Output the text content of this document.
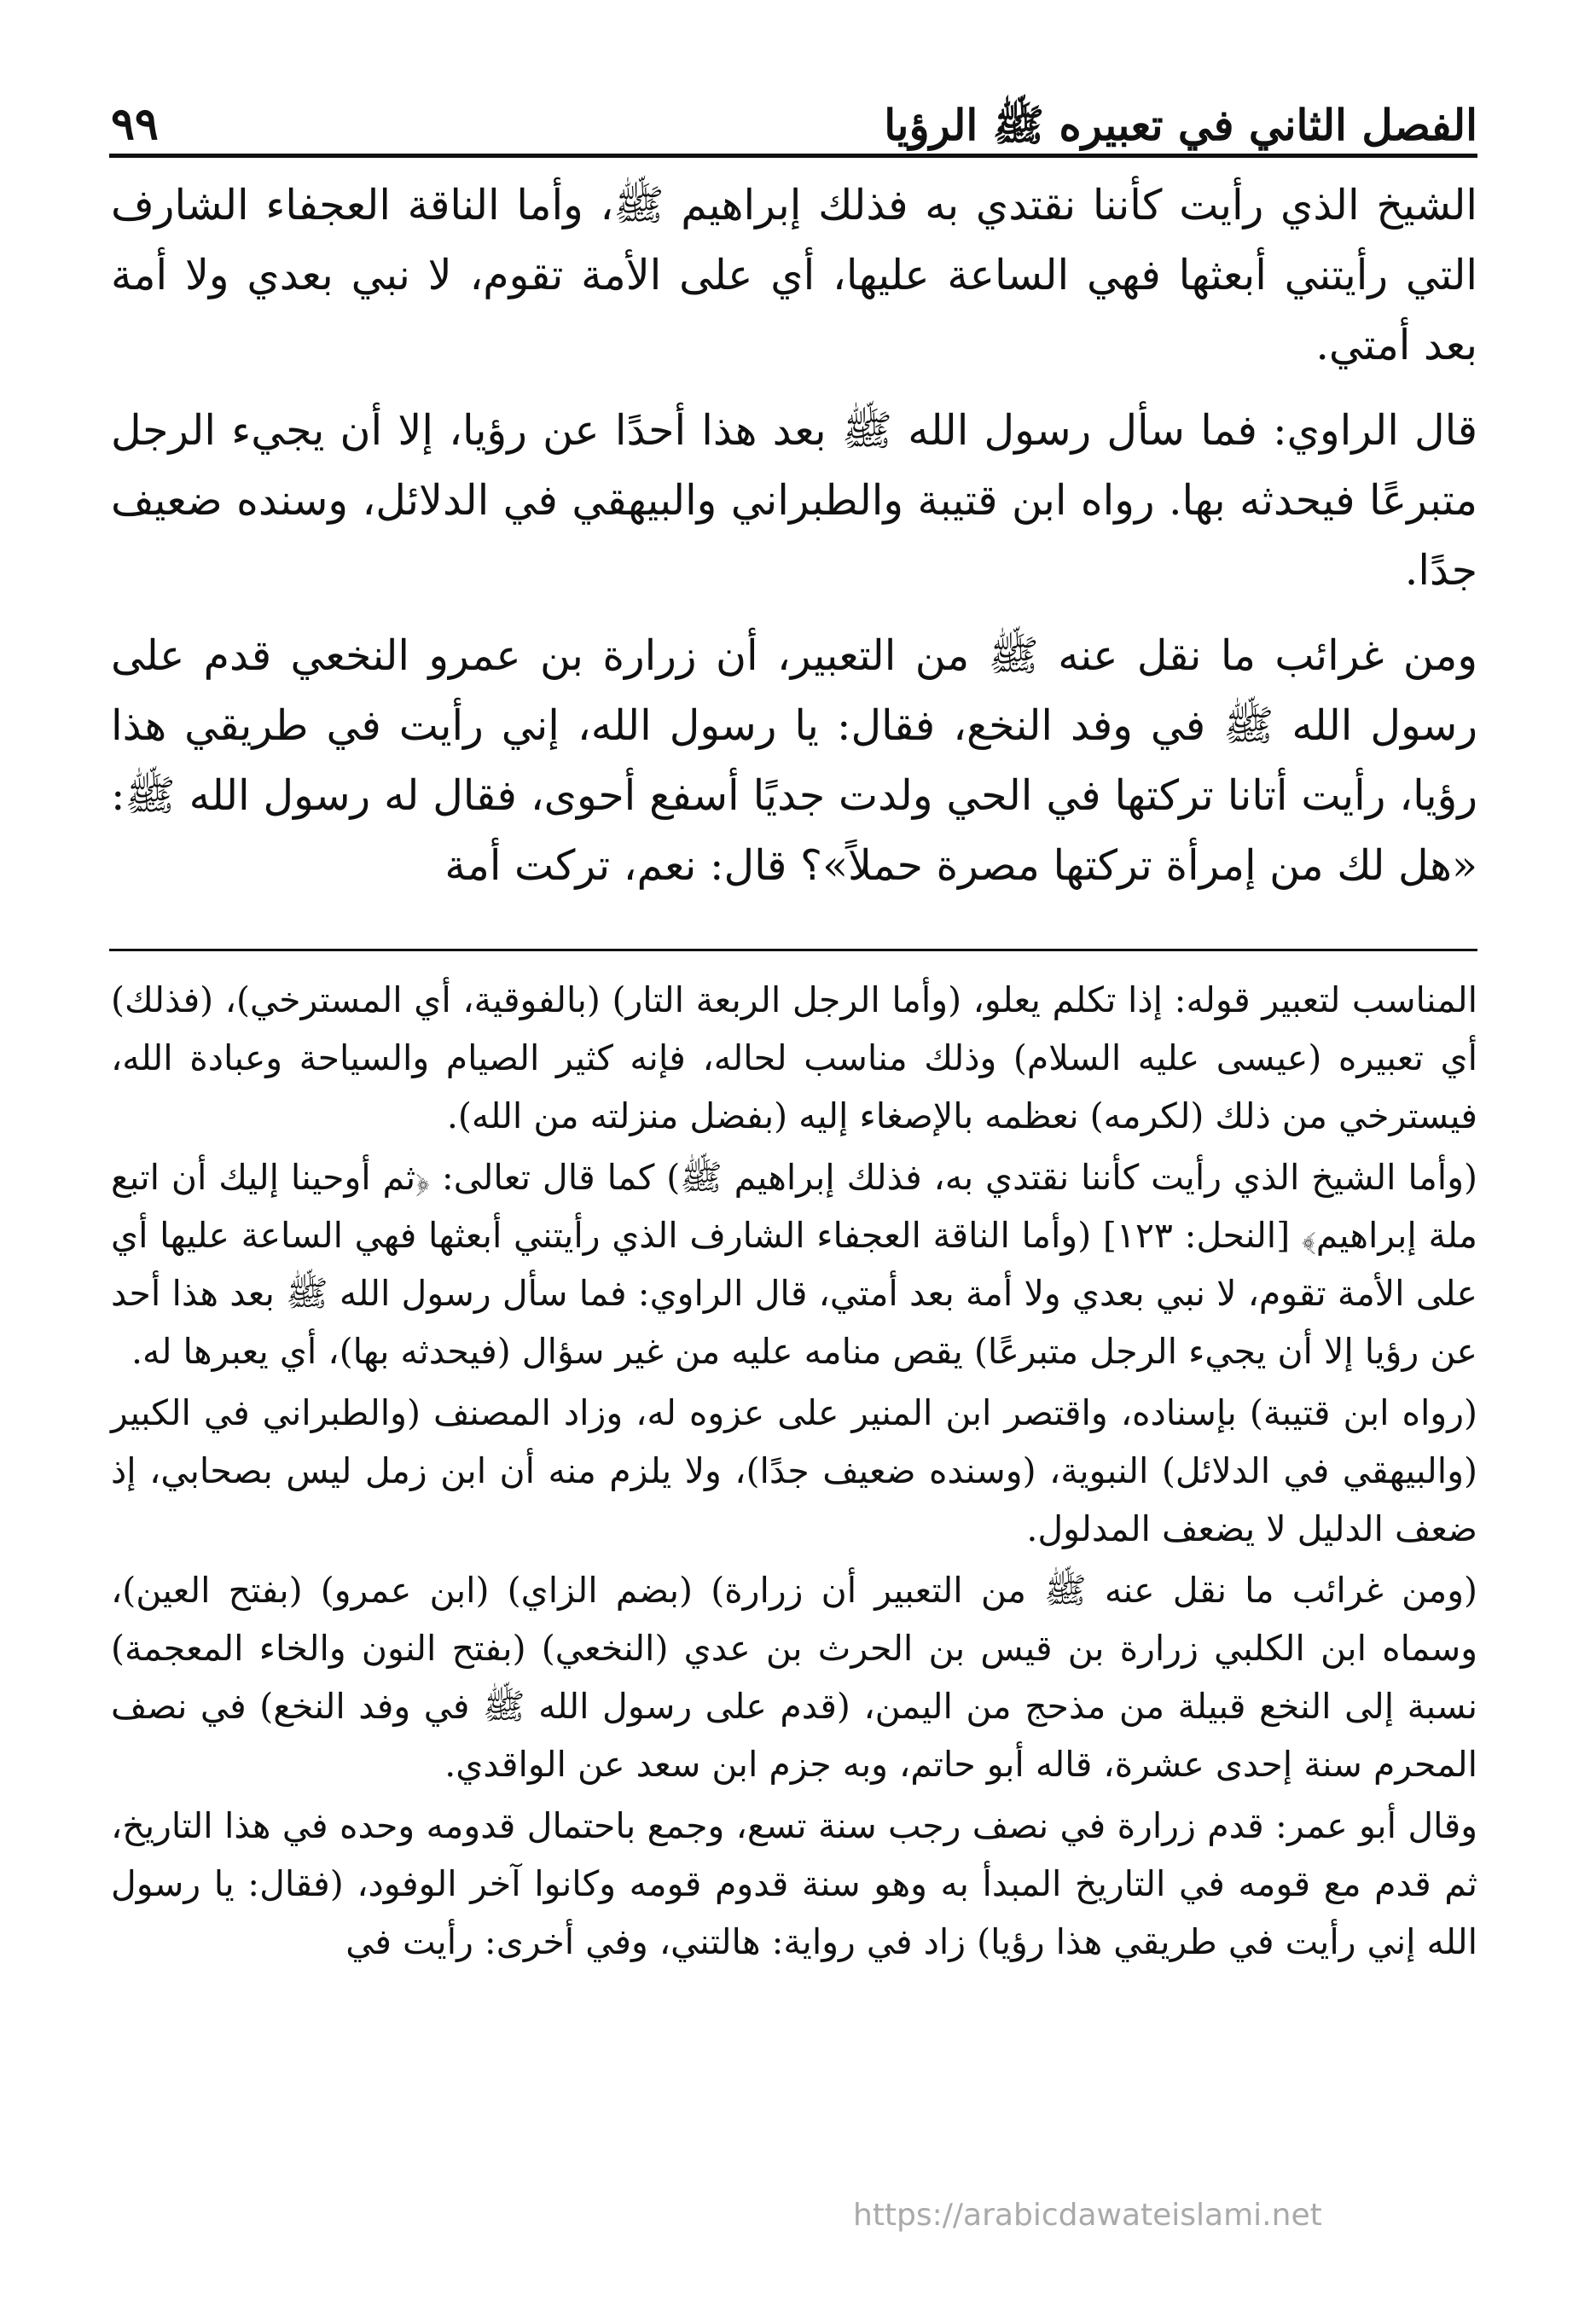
الفصل الثاني في تعبيره ﷺ الرؤيا
٩٩

الشيخ الذي رأيت كأننا نقتدي به فذلك إبراهيم ﷺ، وأما الناقة العجفاء الشارف التي رأيتني أبعثها فهي الساعة عليها، أي على الأمة تقوم، لا نبي بعدي ولا أمة بعد أمتي.

قال الراوي: فما سأل رسول الله ﷺ بعد هذا أحدًا عن رؤيا، إلا أن يجيء الرجل متبرعًا فيحدثه بها. رواه ابن قتيبة والطبراني والبيهقي في الدلائل، وسنده ضعيف جدًا.

ومن غرائب ما نقل عنه ﷺ من التعبير، أن زرارة بن عمرو النخعي قدم على رسول الله ﷺ في وفد النخع، فقال: يا رسول الله، إني رأيت في طريقي هذا رؤيا، رأيت أتانا تركتها في الحي ولدت جديًا أسفع أحوى، فقال له رسول الله ﷺ: «هل لك من إمرأة تركتها مصرة حملاً»؟ قال: نعم، تركت أمة

المناسب لتعبير قوله: إذا تكلم يعلو، (وأما الرجل الربعة التار) (بالفوقية، أي المسترخي)، (فذلك) أي تعبيره (عيسى عليه السلام) وذلك مناسب لحاله، فإنه كثير الصيام والسياحة وعبادة الله، فيسترخي من ذلك (لكرمه) نعظمه بالإصغاء إليه (بفضل منزلته من الله).

(وأما الشيخ الذي رأيت كأننا نقتدي به، فذلك إبراهيم ﷺ) كما قال تعالى: ﴿ثم أوحينا إليك أن اتبع ملة إبراهيم﴾ [النحل: ١٢٣] (وأما الناقة العجفاء الشارف الذي رأيتني أبعثها فهي الساعة عليها أي على الأمة تقوم، لا نبي بعدي ولا أمة بعد أمتي، قال الراوي: فما سأل رسول الله ﷺ بعد هذا أحد عن رؤيا إلا أن يجيء الرجل متبرعًا) يقص منامه عليه من غير سؤال (فيحدثه بها)، أي يعبرها له.

(رواه ابن قتيبة) بإسناده، واقتصر ابن المنير على عزوه له، وزاد المصنف (والطبراني في الكبير (والبيهقي في الدلائل) النبوية، (وسنده ضعيف جدًا)، ولا يلزم منه أن ابن زمل ليس بصحابي، إذ ضعف الدليل لا يضعف المدلول.

(ومن غرائب ما نقل عنه ﷺ من التعبير أن زرارة) (بضم الزاي) (ابن عمرو) (بفتح العين)، وسماه ابن الكلبي زرارة بن قيس بن الحرث بن عدي (النخعي) (بفتح النون والخاء المعجمة) نسبة إلى النخع قبيلة من مذحج من اليمن، (قدم على رسول الله ﷺ في وفد النخع) في نصف المحرم سنة إحدى عشرة، قاله أبو حاتم، وبه جزم ابن سعد عن الواقدي.

وقال أبو عمر: قدم زرارة في نصف رجب سنة تسع، وجمع باحتمال قدومه وحده في هذا التاريخ، ثم قدم مع قومه في التاريخ المبدأ به وهو سنة قدوم قومه وكانوا آخر الوفود، (فقال: يا رسول الله إني رأيت في طريقي هذا رؤيا) زاد في رواية: هالتني، وفي أخرى: رأيت في

https://arabicdawateislami.net
